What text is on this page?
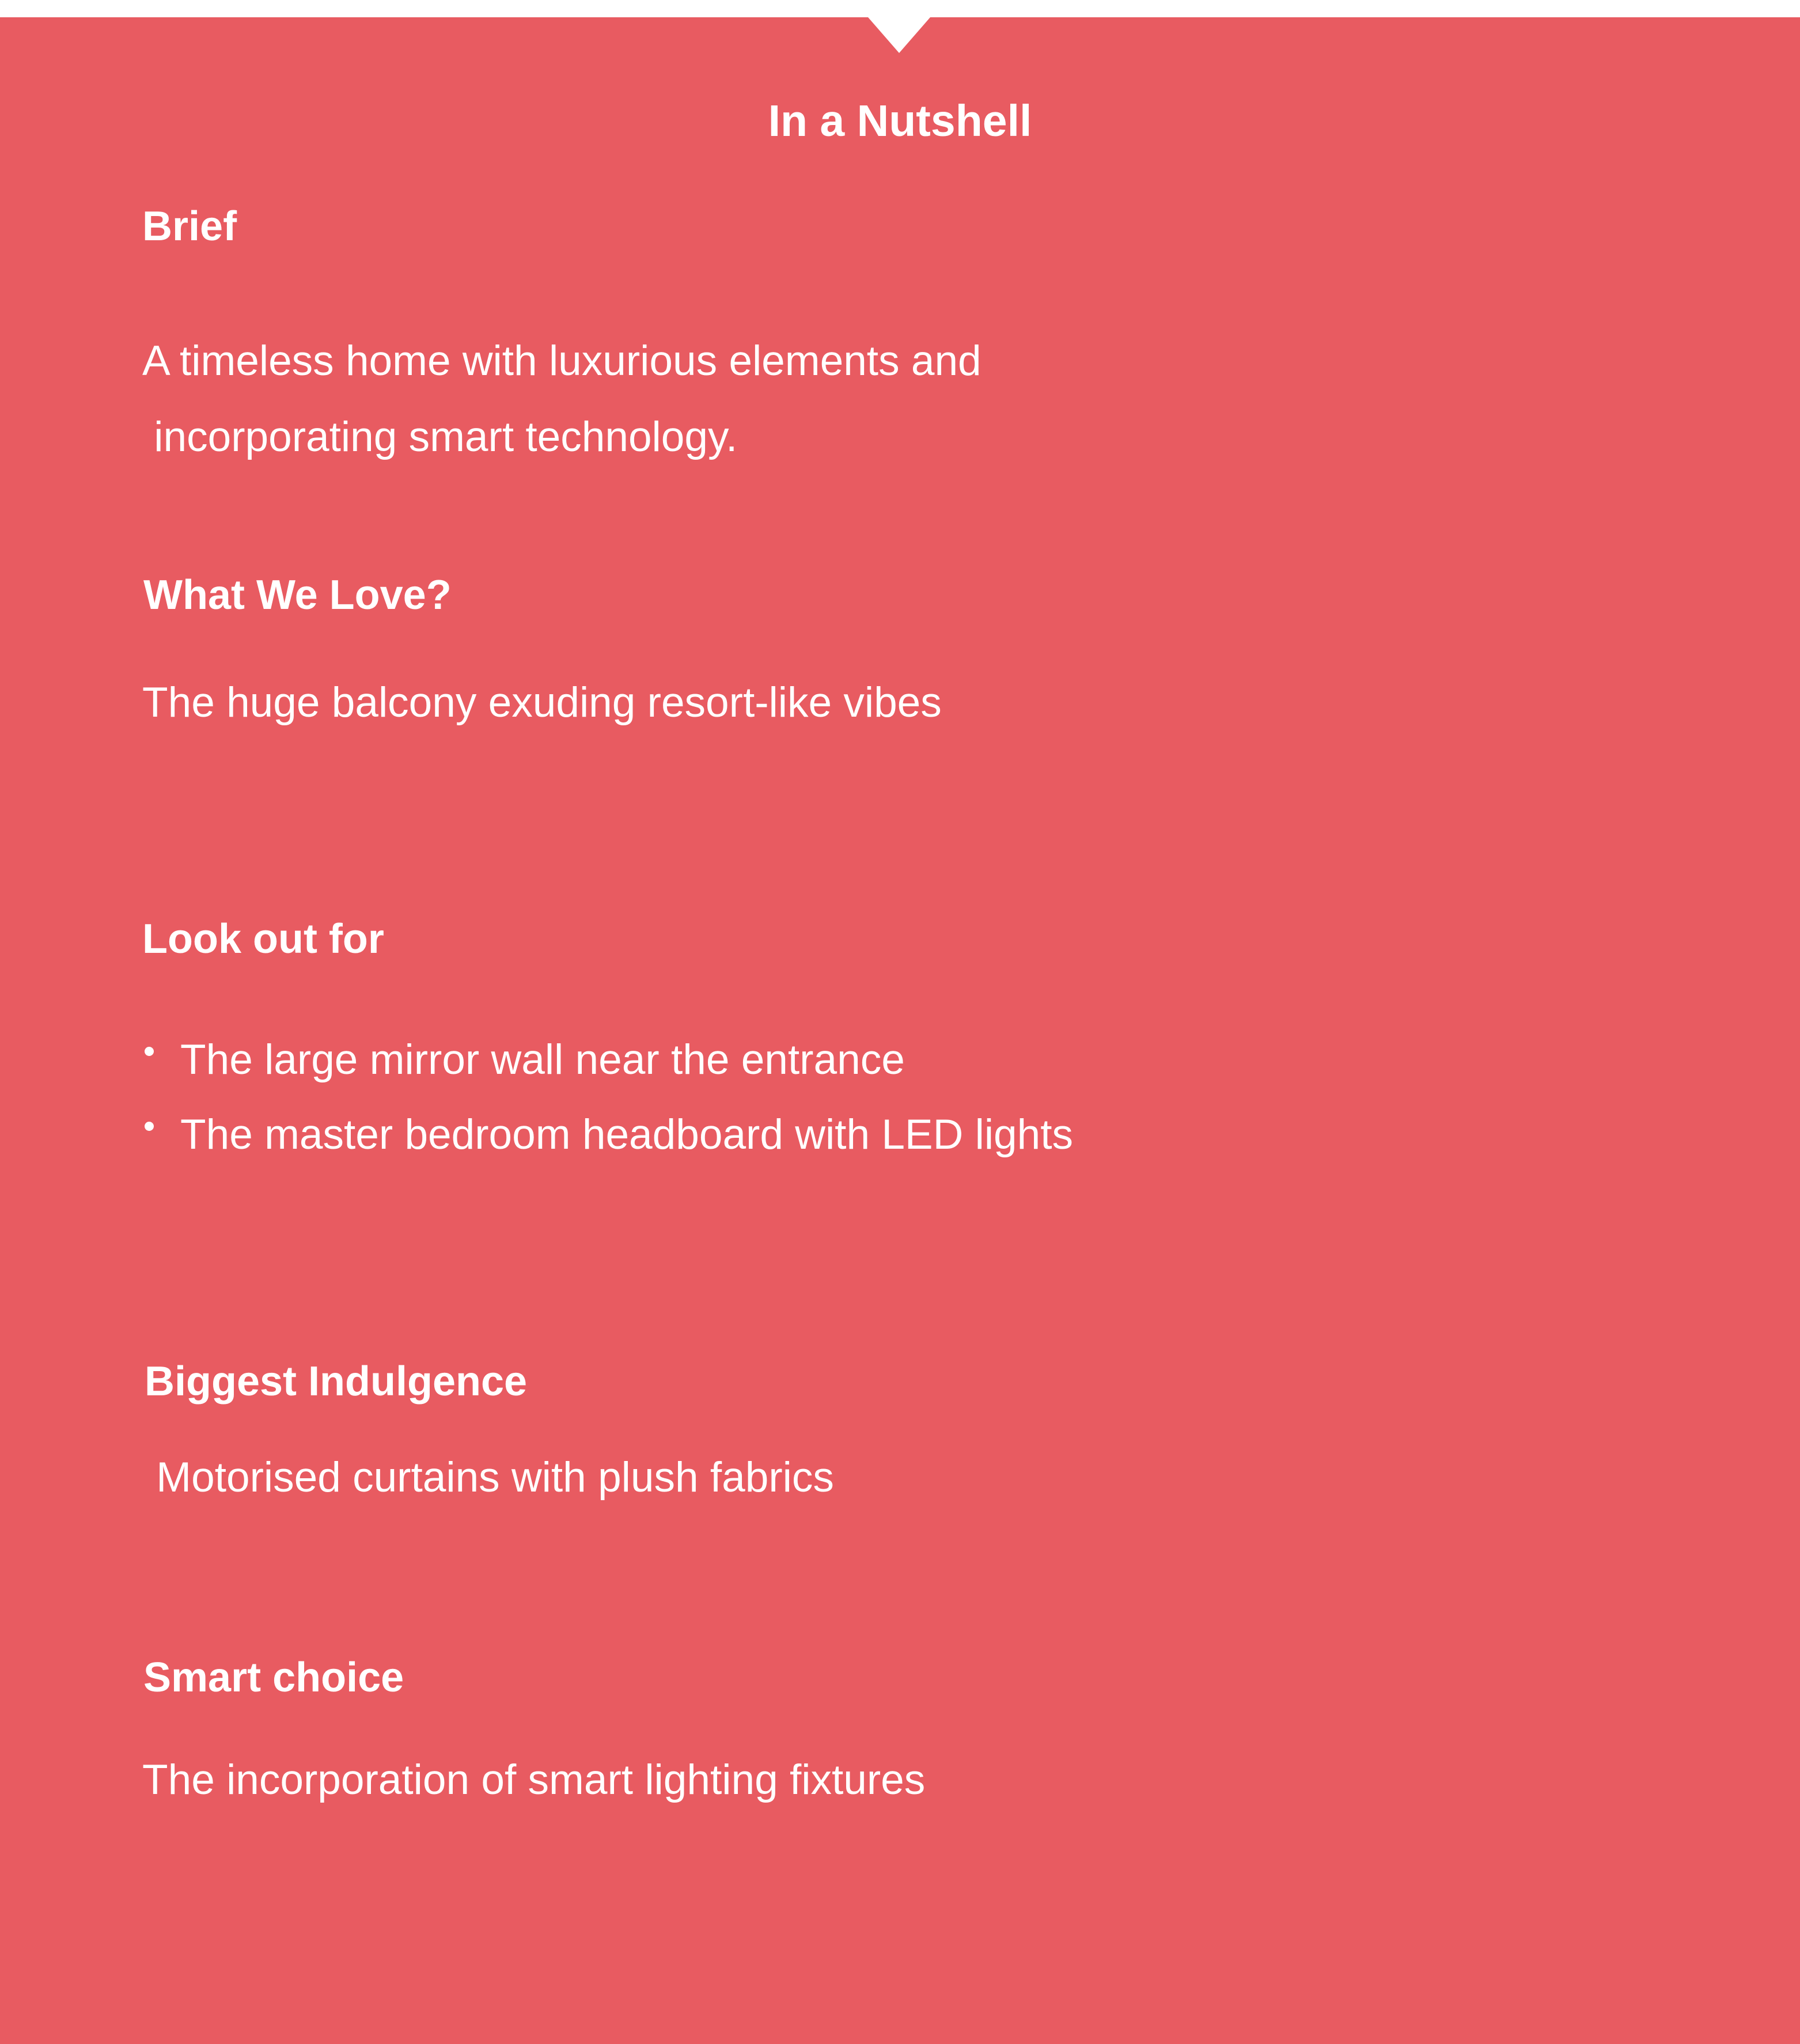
In a Nutshell
Brief

A timeless home with luxurious elements and

incorporating smart technology.

What We Love?

The huge balcony exuding resort-like vibes

Look out for
The large mirror wall near the entrance
The master bedroom headboard with LED lights
Biggest Indulgence

Motorised curtains with plush fabrics

Smart choice

The incorporation of smart lighting fixtures
